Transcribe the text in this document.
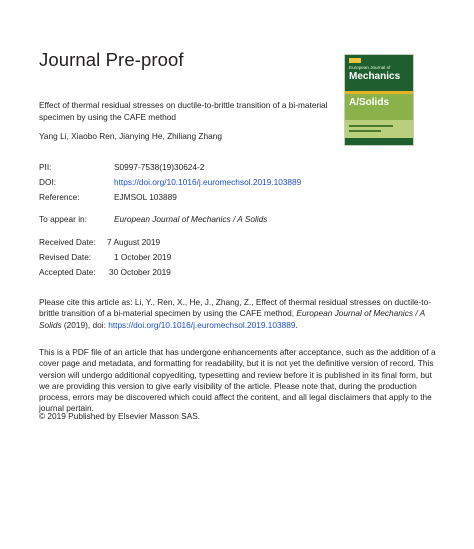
Journal Pre-proof	European Journal of
Mechanics
A/Solids
Effect of thermal residual stresses on ductile-to-brittle transition of a bi-material specimen by using the CAFE method
Yang Li, Xiaobo Ren, Jianying He, Zhiliang Zhang
PII:	S0997-7538(19)30624-2
DOI:	https://doi.org/10.1016/j.euromechsol.2019.103889
Reference:	EJMSOL 103889
To appear in:	European Journal of Mechanics / A Solids
Received Date: 7 August 2019
Revised Date:	1 October 2019
Accepted Date: 30 October 2019
Please cite this article as: Li, Y., Ren, X., He, J., Zhang, Z., Effect of thermal residual stresses on ductile-to-brittle transition of a bi-material specimen by using the CAFE method, European Journal of Mechanics / A Solids (2019), doi: https://doi.org/10.1016/j.euromechsol.2019.103889.
This is a PDF file of an article that has undergone enhancements after acceptance, such as the addition of a cover page and metadata, and formatting for readability, but it is not yet the definitive version of record. This version will undergo additional copyediting, typesetting and review before it is published in its final form, but we are providing this version to give early visibility of the article. Please note that, during the production process, errors may be discovered which could affect the content, and all legal disclaimers that apply to the journal pertain.
© 2019 Published by Elsevier Masson SAS.
